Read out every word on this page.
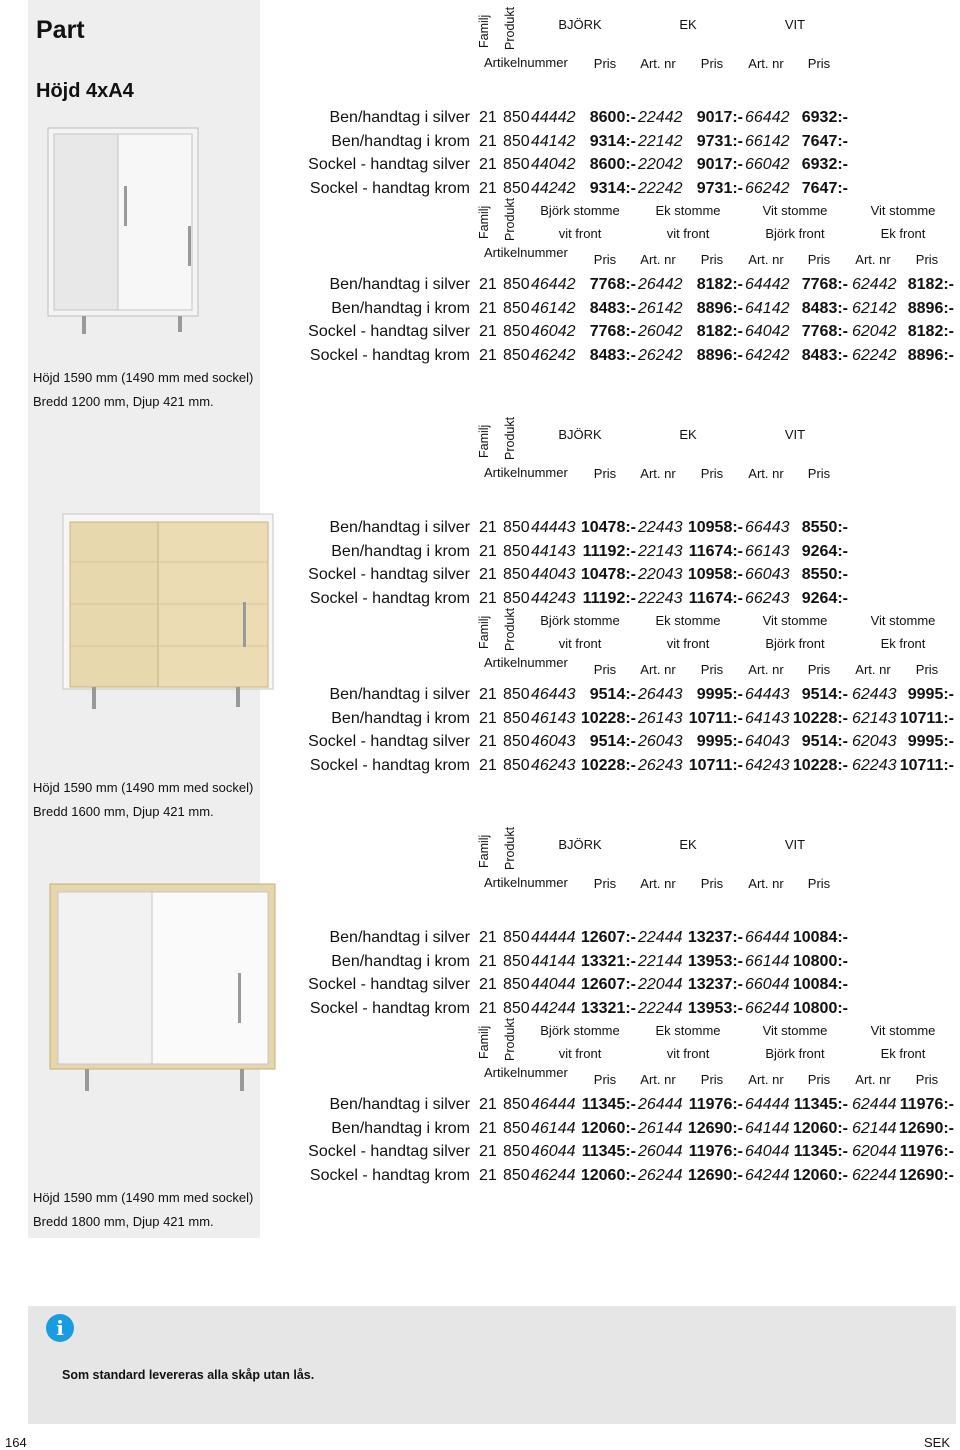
Part
Höjd 4xA4
Höjd 1590 mm (1490 mm med sockel)
Bredd 1200 mm, Djup 421 mm.
Familj Produkt	BJÖRK	EK	VIT
Artikelnummer	Pris	Art. nr	Pris	Art. nr	Pris
Ben/handtag i silver 21 850 44442 8600:- 22442 9017:- 66442 6932:-
Ben/handtag i krom 21 850 44142 9314:- 22142 9731:- 66142 7647:-
Sockel - handtag silver 21 850 44042 8600:- 22042 9017:- 66042 6932:-
Sockel - handtag krom 21 850 44242 9314:- 22242 9731:- 66242 7647:-
Familj Produkt	Björk stomme
vit front
Ek stomme
vit front
Vit stomme
Björk front
Vit stomme
Ek front
Artikelnummer	Pris	Art. nr	Pris	Art. nr	Pris	Art. nr	Pris
Ben/handtag i silver 21 850 46442 7768:- 26442 8182:- 64442 7768:- 62442 8182:-
Ben/handtag i krom 21 850 46142 8483:- 26142 8896:- 64142 8483:- 62142 8896:-
Sockel - handtag silver 21 850 46042 7768:- 26042 8182:- 64042 7768:- 62042 8182:-
Sockel - handtag krom 21 850 46242 8483:- 26242 8896:- 64242 8483:- 62242 8896:-
Höjd 1590 mm (1490 mm med sockel)
Bredd 1600 mm, Djup 421 mm.
Familj Produkt	BJÖRK	EK	VIT
Artikelnummer	Pris	Art. nr	Pris	Art. nr	Pris
Ben/handtag i silver 21 850 44443 10478:- 22443 10958:- 66443 8550:-
Ben/handtag i krom 21 850 44143 11192:- 22143 11674:- 66143 9264:-
Sockel - handtag silver 21 850 44043 10478:- 22043 10958:- 66043 8550:-
Sockel - handtag krom 21 850 44243 11192:- 22243 11674:- 66243 9264:-
Familj Produkt	Björk stomme
vit front
Ek stomme
vit front
Vit stomme
Björk front
Vit stomme
Ek front
Artikelnummer	Pris	Art. nr	Pris	Art. nr	Pris	Art. nr	Pris
Ben/handtag i silver 21 850 46443 9514:- 26443 9995:- 64443 9514:- 62443 9995:-
Ben/handtag i krom 21 850 46143 10228:- 26143 10711:- 64143 10228:- 62143 10711:-
Sockel - handtag silver 21 850 46043 9514:- 26043 9995:- 64043 9514:- 62043 9995:-
Sockel - handtag krom 21 850 46243 10228:- 26243 10711:- 64243 10228:- 62243 10711:-
Höjd 1590 mm (1490 mm med sockel)
Bredd 1800 mm, Djup 421 mm.
Familj Produkt	BJÖRK	EK	VIT
Artikelnummer	Pris	Art. nr	Pris	Art. nr	Pris
Ben/handtag i silver 21 850 44444 12607:- 22444 13237:- 66444 10084:-
Ben/handtag i krom 21 850 44144 13321:- 22144 13953:- 66144 10800:-
Sockel - handtag silver 21 850 44044 12607:- 22044 13237:- 66044 10084:-
Sockel - handtag krom 21 850 44244 13321:- 22244 13953:- 66244 10800:-
Familj Produkt	Björk stomme
vit front
Ek stomme
vit front
Vit stomme
Björk front
Vit stomme
Ek front
Artikelnummer	Pris	Art. nr	Pris	Art. nr	Pris	Art. nr	Pris
Ben/handtag i silver 21 850 46444 11345:- 26444 11976:- 64444 11345:- 62444 11976:-
Ben/handtag i krom 21 850 46144 12060:- 26144 12690:- 64144 12060:- 62144 12690:-
Sockel - handtag silver 21 850 46044 11345:- 26044 11976:- 64044 11345:- 62044 11976:-
Sockel - handtag krom 21 850 46244 12060:- 26244 12690:- 64244 12060:- 62244 12690:-
i
Som standard levereras alla skåp utan lås.
164	SEK
